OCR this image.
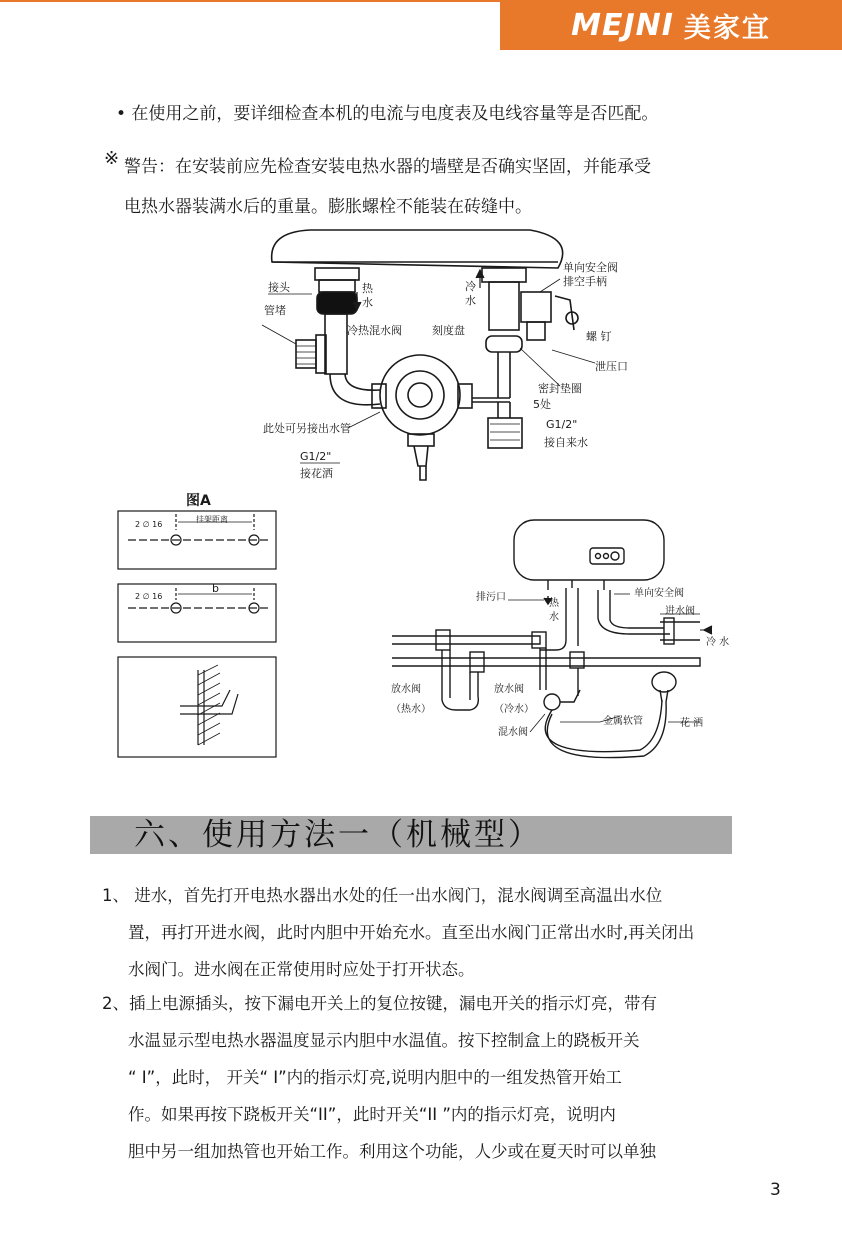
MEJNI 美家宜
• 在使用之前，要详细检查本机的电流与电度表及电线容量等是否匹配。
※ 警告：在安装前应先检查安装电热水器的墙壁是否确实坚固，并能承受
电热水器装满水后的重量。膨胀螺栓不能装在砖缝中。
接头	热
水
管堵
冷热混水阀	刻度盘
冷
水
单向安全阀
排空手柄
螺 钉
泄压口
密封垫圈
5处
G1/2"
接自来水
此处可另接出水管
G1/2"
接花洒
图A
2 ∅ 16
挂架距离
2 ∅ 16
b
排污口
热
水
单向安全阀
进水阀
冷 水
放水阀
（热水）
放水阀
（冷水）
混水阀
金属软管	花 洒
六、使用方法一（机械型）
1、 进水，首先打开电热水器出水处的任一出水阀门，混水阀调至高温出水位
置，再打开进水阀，此时内胆中开始充水。直至出水阀门正常出水时,再关闭出
水阀门。进水阀在正常使用时应处于打开状态。
2、插上电源插头，按下漏电开关上的复位按键，漏电开关的指示灯亮，带有
水温显示型电热水器温度显示内胆中水温值。按下控制盒上的跷板开关
“ I”，此时， 开关“ I”内的指示灯亮,说明内胆中的一组发热管开始工
作。如果再按下跷板开关“II”，此时开关“II ”内的指示灯亮，说明内
胆中另一组加热管也开始工作。利用这个功能，人少或在夏天时可以单独
3
